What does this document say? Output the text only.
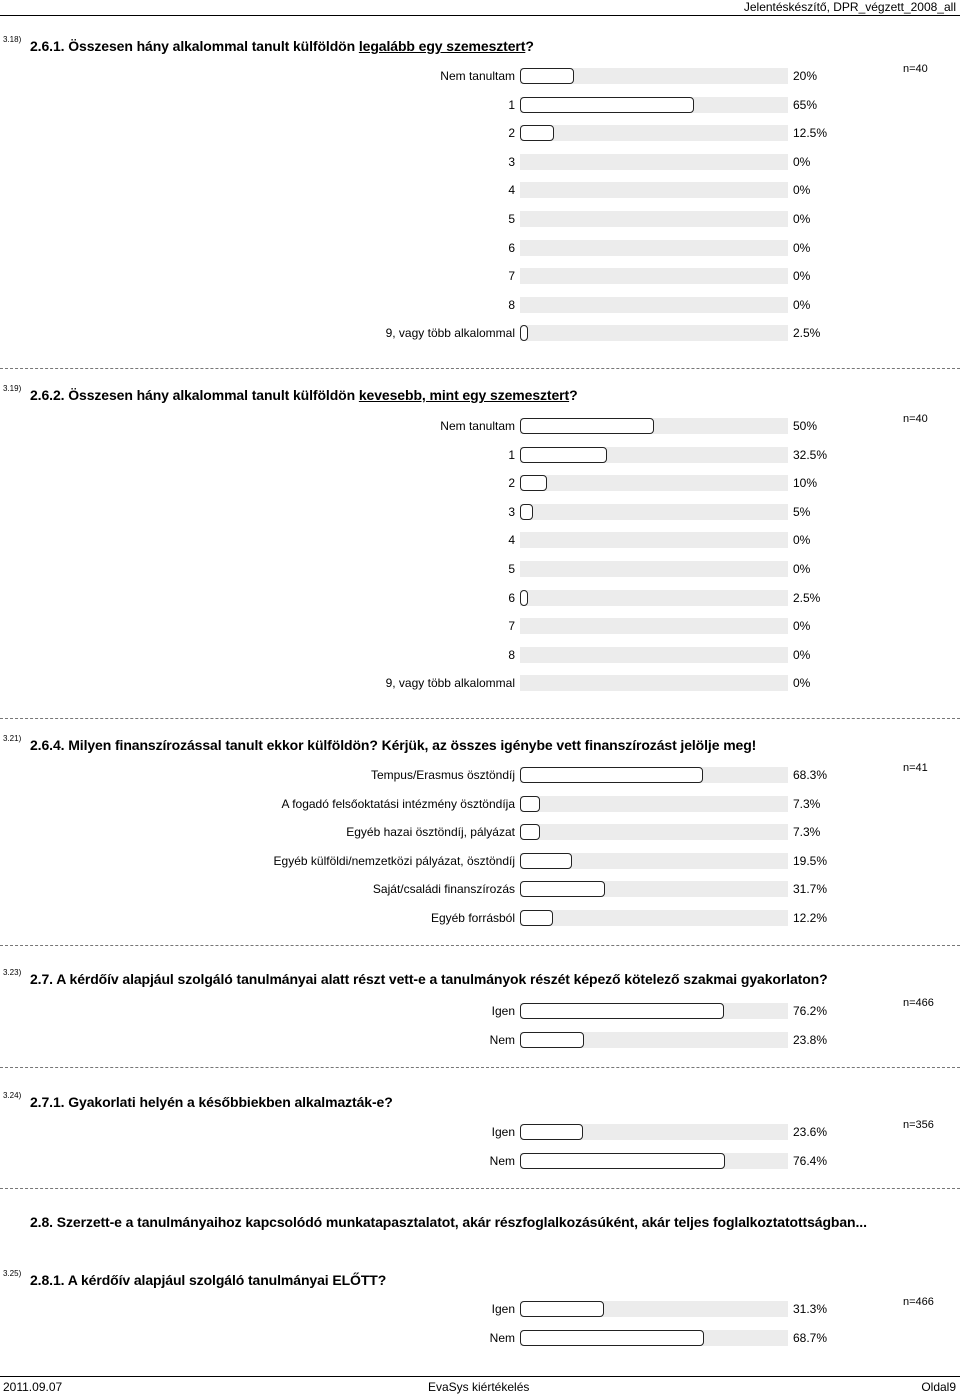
Jelentéskészítő, DPR_végzett_2008_all
3.18) 2.6.1. Összesen hány alkalommal tanult külföldön legalább egy szemesztert?
n=40
Nem tanultam	20%
1	65%
2	12.5%
3	0%
4	0%
5	0%
6	0%
7	0%
8	0%
9, vagy több alkalommal	2.5%
3.19) 2.6.2. Összesen hány alkalommal tanult külföldön kevesebb, mint egy szemesztert?
n=40
Nem tanultam	50%
1	32.5%
2	10%
3	5%
4	0%
5	0%
6	2.5%
7	0%
8	0%
9, vagy több alkalommal	0%
3.21) 2.6.4. Milyen finanszírozással tanult ekkor külföldön? Kérjük, az összes igénybe vett finanszírozást jelölje meg!
n=41
Tempus/Erasmus ösztöndíj	68.3%
A fogadó felsőoktatási intézmény ösztöndíja	7.3%
Egyéb hazai ösztöndíj, pályázat	7.3%
Egyéb külföldi/nemzetközi pályázat, ösztöndíj	19.5%
Saját/családi finanszírozás	31.7%
Egyéb forrásból	12.2%
3.23) 2.7. A kérdőív alapjául szolgáló tanulmányai alatt részt vett-e a tanulmányok részét képező kötelező szakmai gyakorlaton?
n=466
Igen	76.2%
Nem	23.8%
3.24) 2.7.1. Gyakorlati helyén a későbbiekben alkalmazták-e?
n=356
Igen	23.6%
Nem	76.4%
2.8. Szerzett-e a tanulmányaihoz kapcsolódó munkatapasztalatot, akár részfoglalkozásúként, akár teljes foglalkoztatottságban...
3.25) 2.8.1. A kérdőív alapjául szolgáló tanulmányai ELŐTT?
n=466
Igen	31.3%
Nem	68.7%
2011.09.07	EvaSys kiértékelés	Oldal9
